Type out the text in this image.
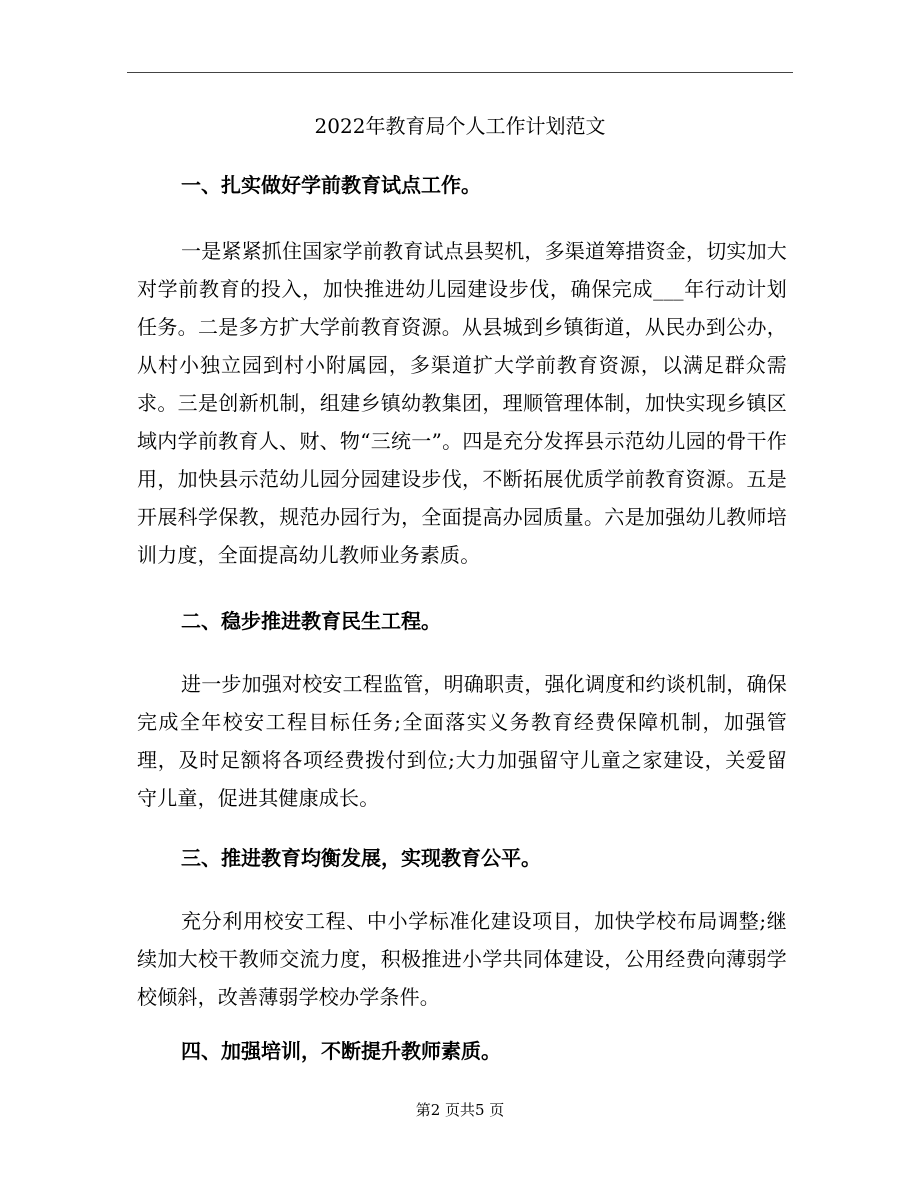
2022年教育局个人工作计划范文
一、扎实做好学前教育试点工作。
一是紧紧抓住国家学前教育试点县契机，多渠道筹措资金，切实加大对学前教育的投入，加快推进幼儿园建设步伐，确保完成___年行动计划任务。二是多方扩大学前教育资源。从县城到乡镇街道，从民办到公办，从村小独立园到村小附属园，多渠道扩大学前教育资源，以满足群众需求。三是创新机制，组建乡镇幼教集团，理顺管理体制，加快实现乡镇区域内学前教育人、财、物“三统一”。四是充分发挥县示范幼儿园的骨干作用，加快县示范幼儿园分园建设步伐，不断拓展优质学前教育资源。五是开展科学保教，规范办园行为，全面提高办园质量。六是加强幼儿教师培训力度，全面提高幼儿教师业务素质。
二、稳步推进教育民生工程。
进一步加强对校安工程监管，明确职责，强化调度和约谈机制，确保完成全年校安工程目标任务;全面落实义务教育经费保障机制，加强管理，及时足额将各项经费拨付到位;大力加强留守儿童之家建设，关爱留守儿童，促进其健康成长。
三、推进教育均衡发展，实现教育公平。
充分利用校安工程、中小学标准化建设项目，加快学校布局调整;继续加大校干教师交流力度，积极推进小学共同体建设，公用经费向薄弱学校倾斜，改善薄弱学校办学条件。
四、加强培训，不断提升教师素质。
第2 页共5 页
